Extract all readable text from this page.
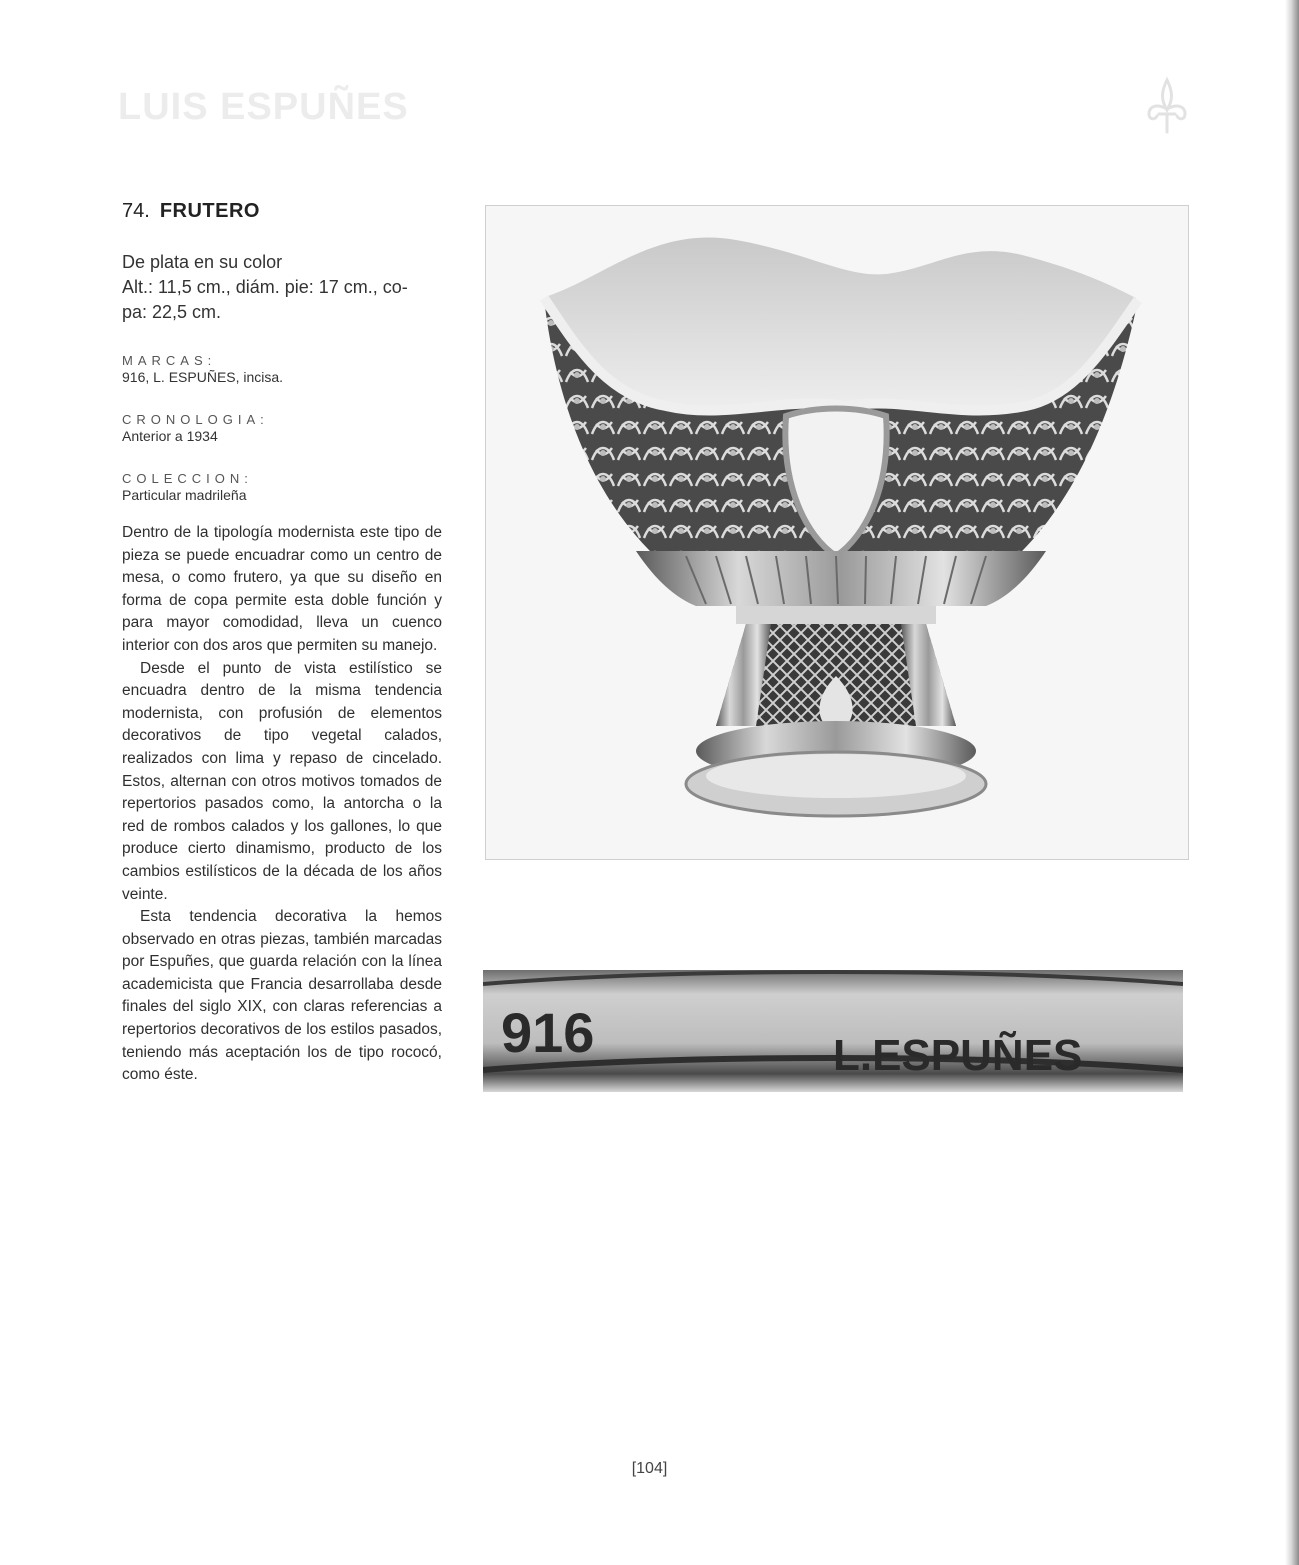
LUIS ESPUÑES
74. FRUTERO
De plata en su color
Alt.: 11,5 cm., diám. pie: 17 cm., co-
pa: 22,5 cm.
MARCAS:
916, L. ESPUÑES, incisa.
CRONOLOGIA:
Anterior a 1934
COLECCION:
Particular madrileña

Dentro de la tipología modernista este tipo de pieza se puede encuadrar como un centro de mesa, o como frutero, ya que su diseño en forma de copa permite esta doble función y para mayor comodidad, lleva un cuenco interior con dos aros que permiten su manejo.

Desde el punto de vista estilístico se encuadra dentro de la misma tendencia modernista, con profusión de elementos decorativos de tipo vegetal calados, realizados con lima y repaso de cincelado. Estos, alternan con otros motivos tomados de repertorios pasados como, la antorcha o la red de rombos calados y los gallones, lo que produce cierto dinamismo, producto de los cambios estilísticos de la década de los años veinte.

Esta tendencia decorativa la hemos observado en otras piezas, también marcadas por Espuñes, que guarda relación con la línea academicista que Francia desarrollaba desde finales del siglo XIX, con claras referencias a repertorios decorativos de los estilos pasados, teniendo más aceptación los de tipo rococó, como éste.

916	L.ESPUÑES
[104]
